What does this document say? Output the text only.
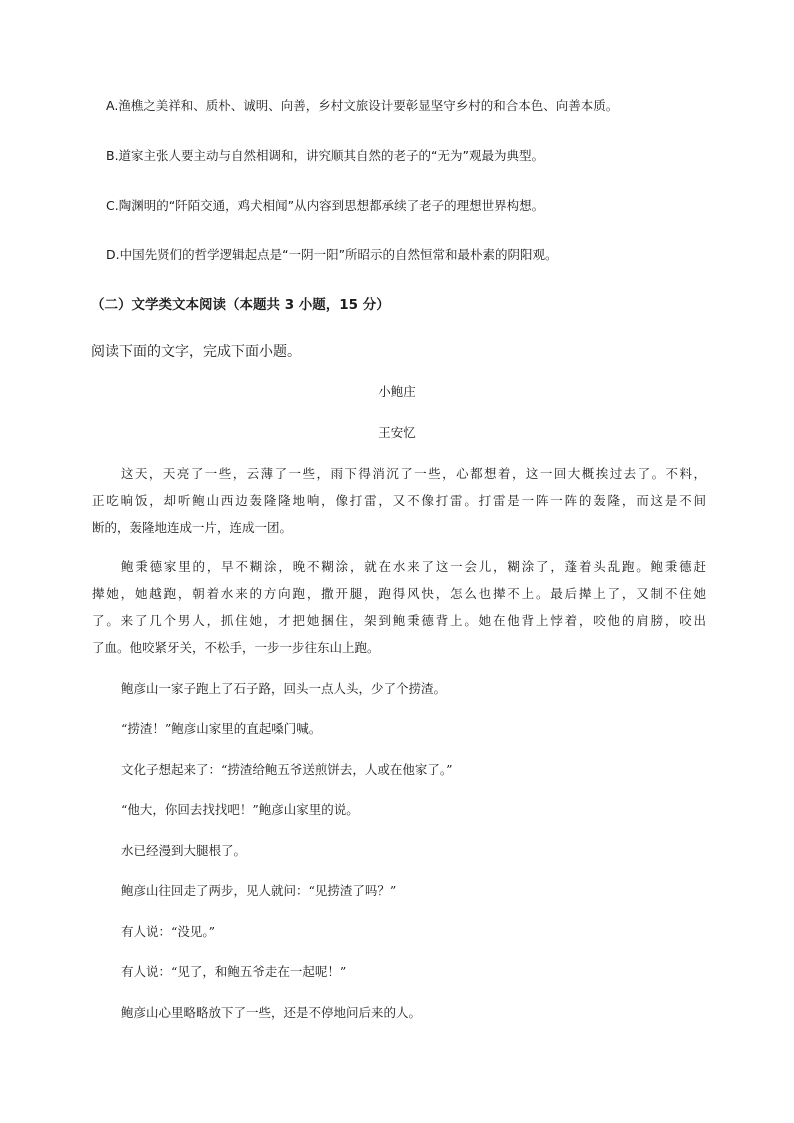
A.渔樵之美祥和、质朴、诚明、向善，乡村文旅设计要彰显坚守乡村的和合本色、向善本质。
B.道家主张人要主动与自然相调和，讲究顺其自然的老子的“无为”观最为典型。
C.陶渊明的“阡陌交通，鸡犬相闻”从内容到思想都承续了老子的理想世界构想。
D.中国先贤们的哲学逻辑起点是“一阴一阳”所昭示的自然恒常和最朴素的阴阳观。
（二）文学类文本阅读（本题共 3 小题，15 分）
阅读下面的文字，完成下面小题。
小鲍庄
王安忆
这天，天亮了一些，云薄了一些，雨下得消沉了一些，心都想着，这一回大概挨过去了。不料，
正吃晌饭，却听鲍山西边轰隆隆地响，像打雷，又不像打雷。打雷是一阵一阵的轰隆，而这是不间
断的，轰隆地连成一片，连成一团。
鲍秉德家里的，早不糊涂，晚不糊涂，就在水来了这一会儿，糊涂了，蓬着头乱跑。鲍秉德赶
撵她，她越跑，朝着水来的方向跑，撒开腿，跑得风快，怎么也撵不上。最后撵上了，又制不住她
了。来了几个男人，抓住她，才把她捆住，架到鲍秉德背上。她在他背上悖着，咬他的肩膀，咬出
了血。他咬紧牙关，不松手，一步一步往东山上跑。
鲍彦山一家子跑上了石子路，回头一点人头，少了个捞渣。
“捞渣！”鲍彦山家里的直起嗓门喊。
文化子想起来了：“捞渣给鲍五爷送煎饼去，人或在他家了。”
“他大，你回去找找吧！”鲍彦山家里的说。
水已经漫到大腿根了。
鲍彦山往回走了两步，见人就问：“见捞渣了吗？”
有人说：“没见。”
有人说：“见了，和鲍五爷走在一起呢！”
鲍彦山心里略略放下了一些，还是不停地问后来的人。
